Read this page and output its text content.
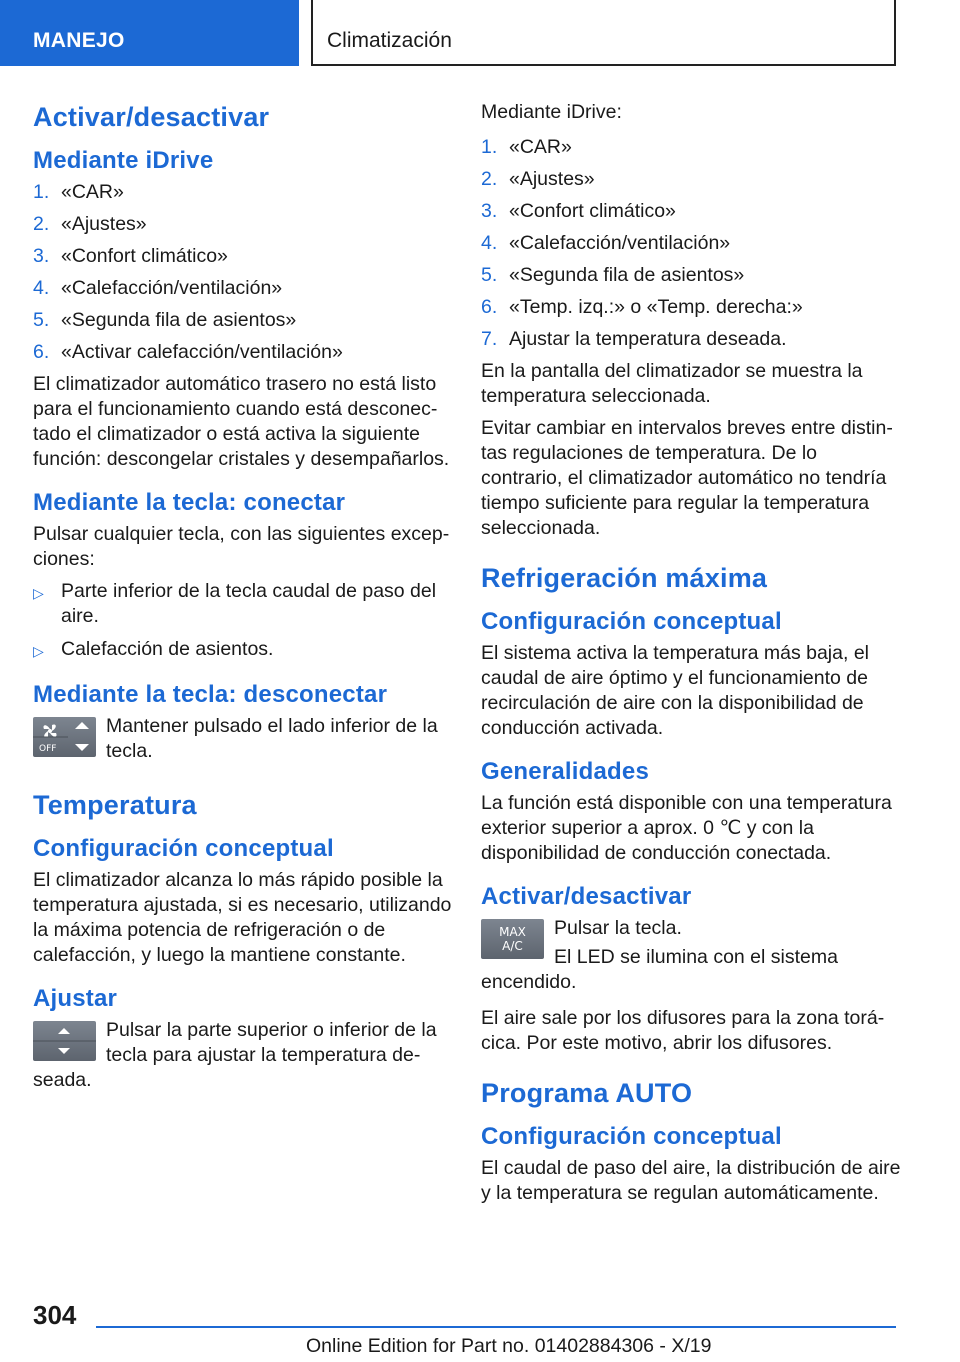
MANEJO	Climatización
Activar/desactivar
Mediante iDrive
1. «CAR»
2. «Ajustes»
3. «Confort climático»
4. «Calefacción/ventilación»
5. «Segunda fila de asientos»
6. «Activar calefacción/ventilación»

El climatizador automático trasero no está listo para el funcionamiento cuando está desconectado el climatizador o está activa la siguiente función: descongelar cristales y desempañarlos.

Mediante la tecla: conectar

Pulsar cualquier tecla, con las siguientes excepciones:

▷ Parte inferior de la tecla caudal de paso del aire.
▷ Calefacción de asientos.
Mediante la tecla: desconectar
OFF

Mantener pulsado el lado inferior de la tecla.

Temperatura
Configuración conceptual

El climatizador alcanza lo más rápido posible la temperatura ajustada, si es necesario, utilizando la máxima potencia de refrigeración o de calefacción, y luego la mantiene constante.

Ajustar

Pulsar la parte superior o inferior de la tecla para ajustar la temperatura deseada.

Mediante iDrive:

1. «CAR»
2. «Ajustes»
3. «Confort climático»
4. «Calefacción/ventilación»
5. «Segunda fila de asientos»
6. «Temp. izq.:» o «Temp. derecha:»
7. Ajustar la temperatura deseada.

En la pantalla del climatizador se muestra la temperatura seleccionada.

Evitar cambiar en intervalos breves entre distintas regulaciones de temperatura. De lo contrario, el climatizador automático no tendría tiempo suficiente para regular la temperatura seleccionada.

Refrigeración máxima
Configuración conceptual

El sistema activa la temperatura más baja, el caudal de aire óptimo y el funcionamiento de recirculación de aire con la disponibilidad de conducción activada.

Generalidades

La función está disponible con una temperatura exterior superior a aprox. 0 ℃ y con la disponibilidad de conducción conectada.

Activar/desactivar
MAX
A/C

Pulsar la tecla.

El LED se ilumina con el sistema encendido.

El aire sale por los difusores para la zona torácica. Por este motivo, abrir los difusores.

Programa AUTO
Configuración conceptual

El caudal de paso del aire, la distribución de aire y la temperatura se regulan automáticamente.

304
Online Edition for Part no. 01402884306 - X/19
